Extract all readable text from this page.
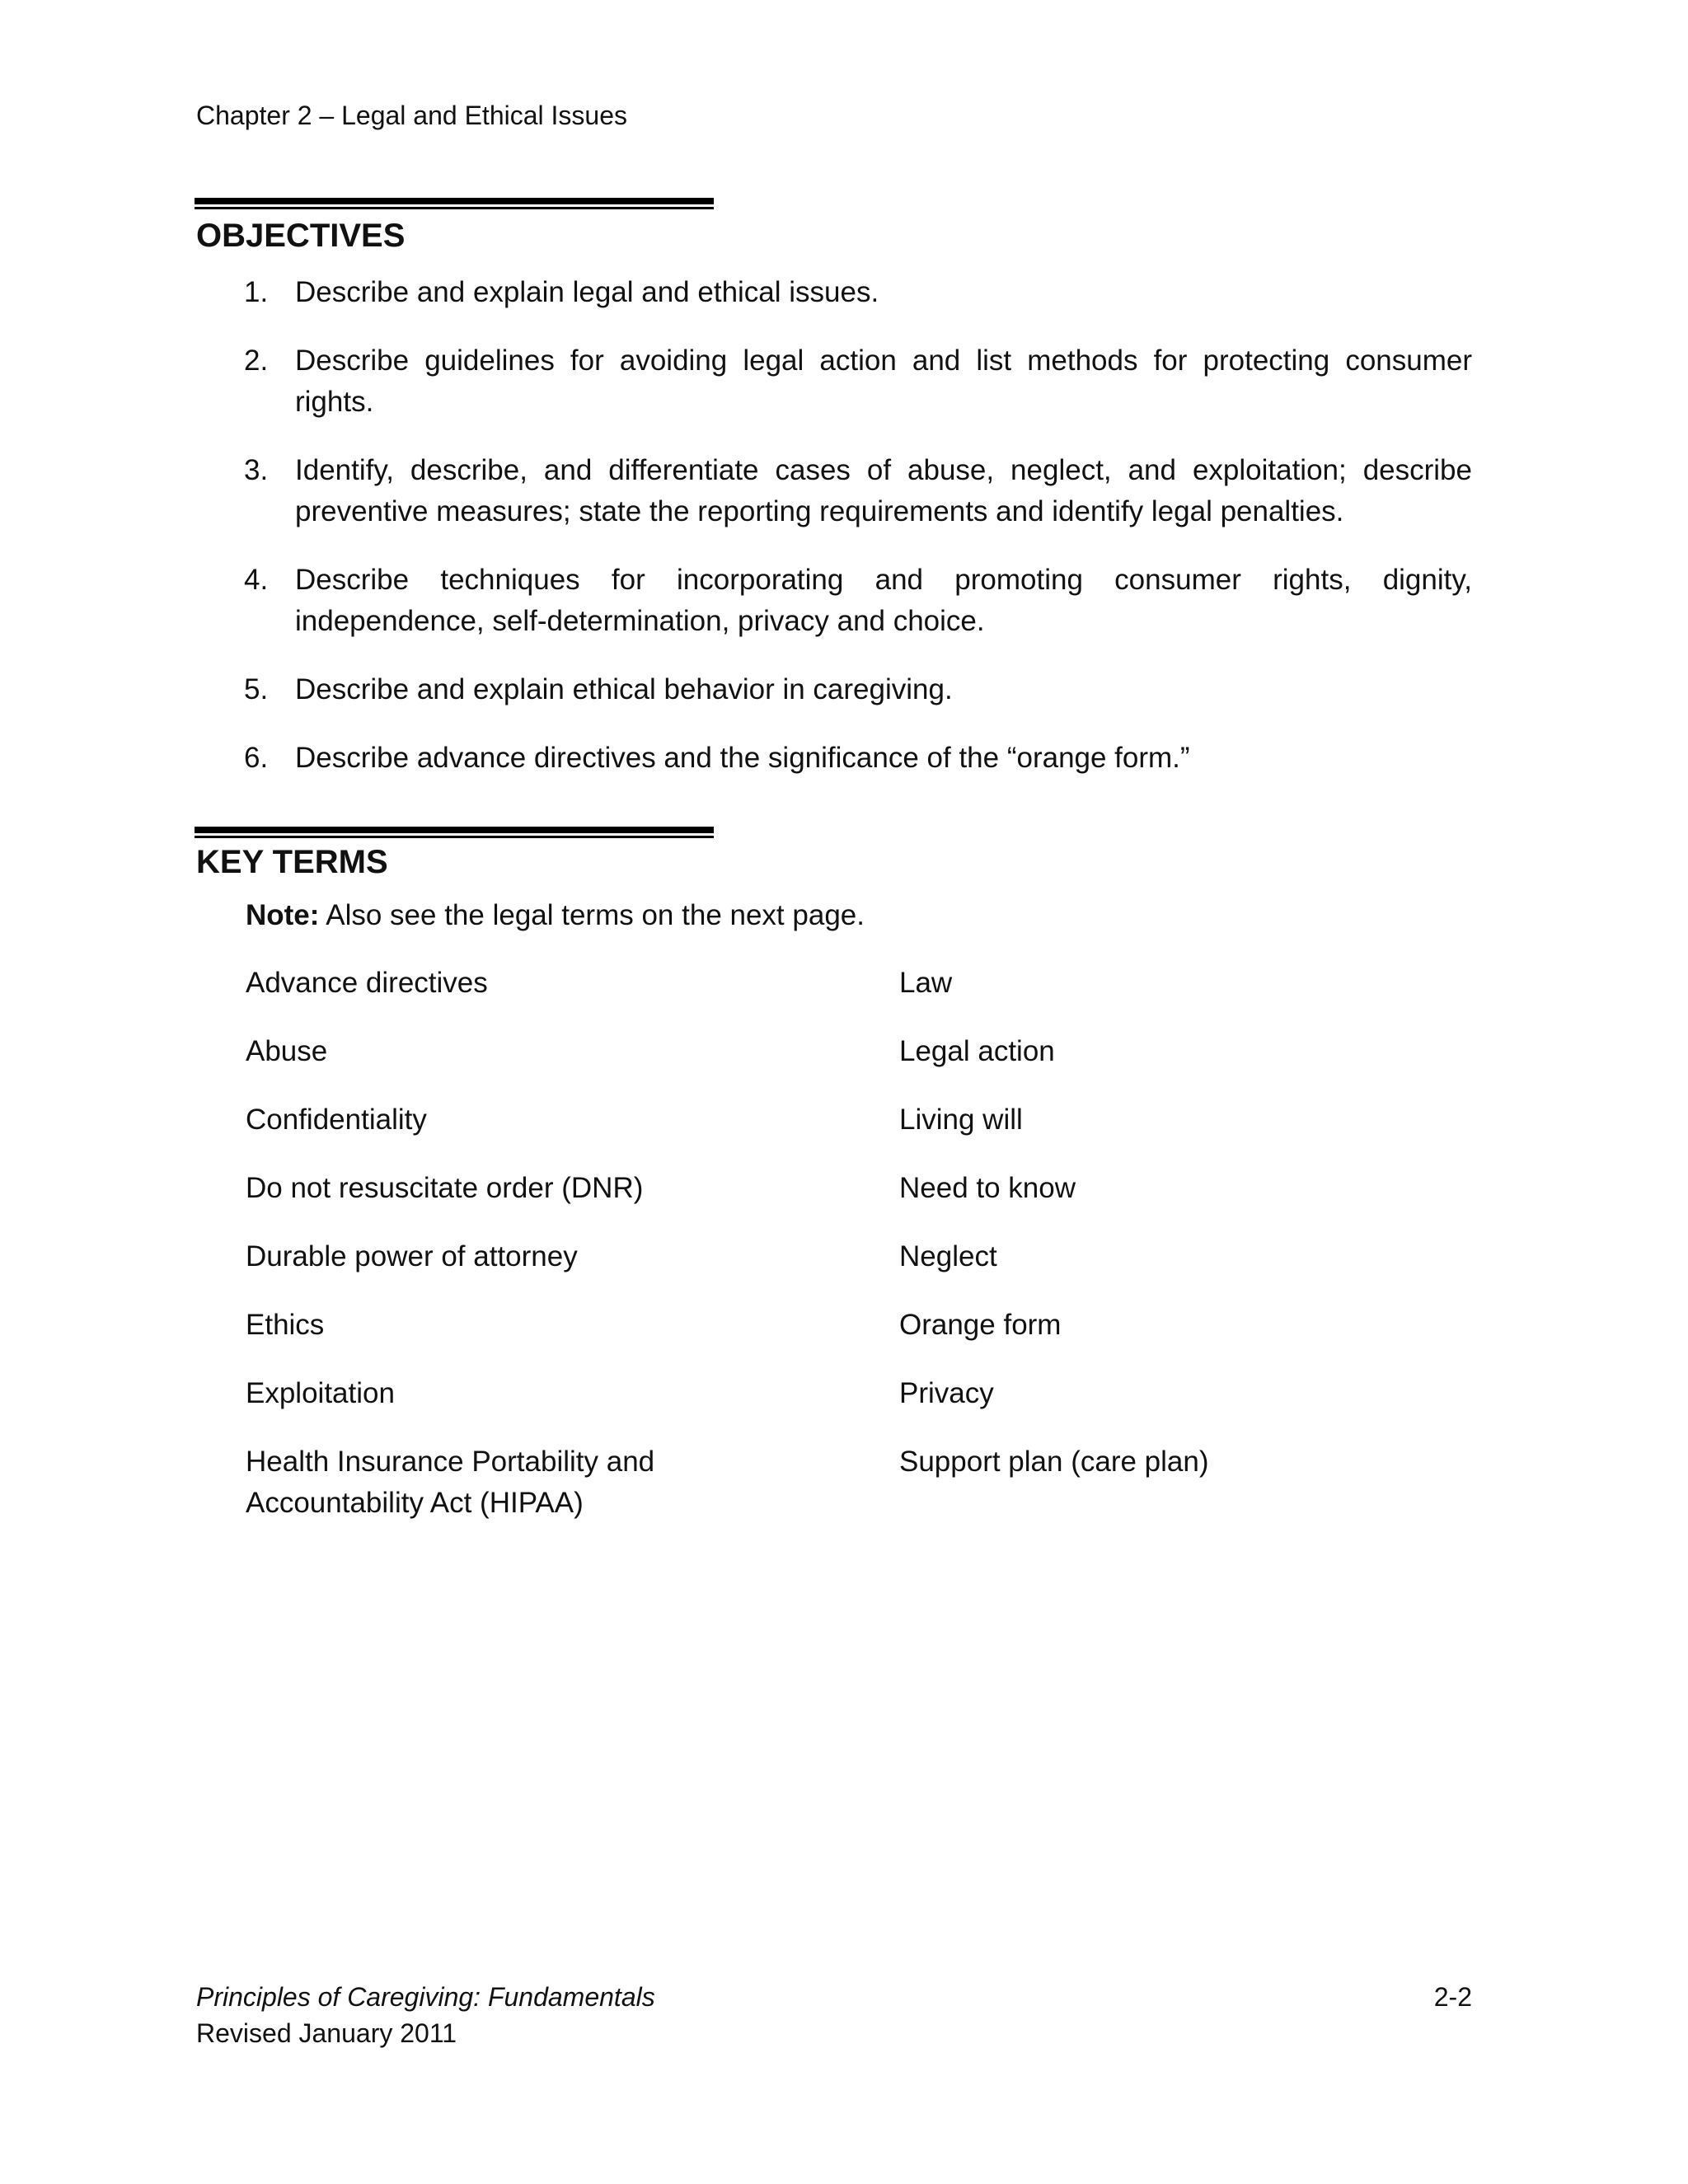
Chapter 2 – Legal and Ethical Issues
OBJECTIVES
1. Describe and explain legal and ethical issues.
2. Describe guidelines for avoiding legal action and list methods for protecting consumer rights.
3. Identify, describe, and differentiate cases of abuse, neglect, and exploitation; describe preventive measures; state the reporting requirements and identify legal penalties.
4. Describe techniques for incorporating and promoting consumer rights, dignity, independence, self-determination, privacy and choice.
5. Describe and explain ethical behavior in caregiving.
6. Describe advance directives and the significance of the “orange form.”
KEY TERMS
Note: Also see the legal terms on the next page.
Advance directives
Abuse
Confidentiality
Do not resuscitate order (DNR)
Durable power of attorney
Ethics
Exploitation
Health Insurance Portability and Accountability Act (HIPAA)
Law
Legal action
Living will
Need to know
Neglect
Orange form
Privacy
Support plan (care plan)
Principles of Caregiving: Fundamentals
Revised January 2011
2-2
